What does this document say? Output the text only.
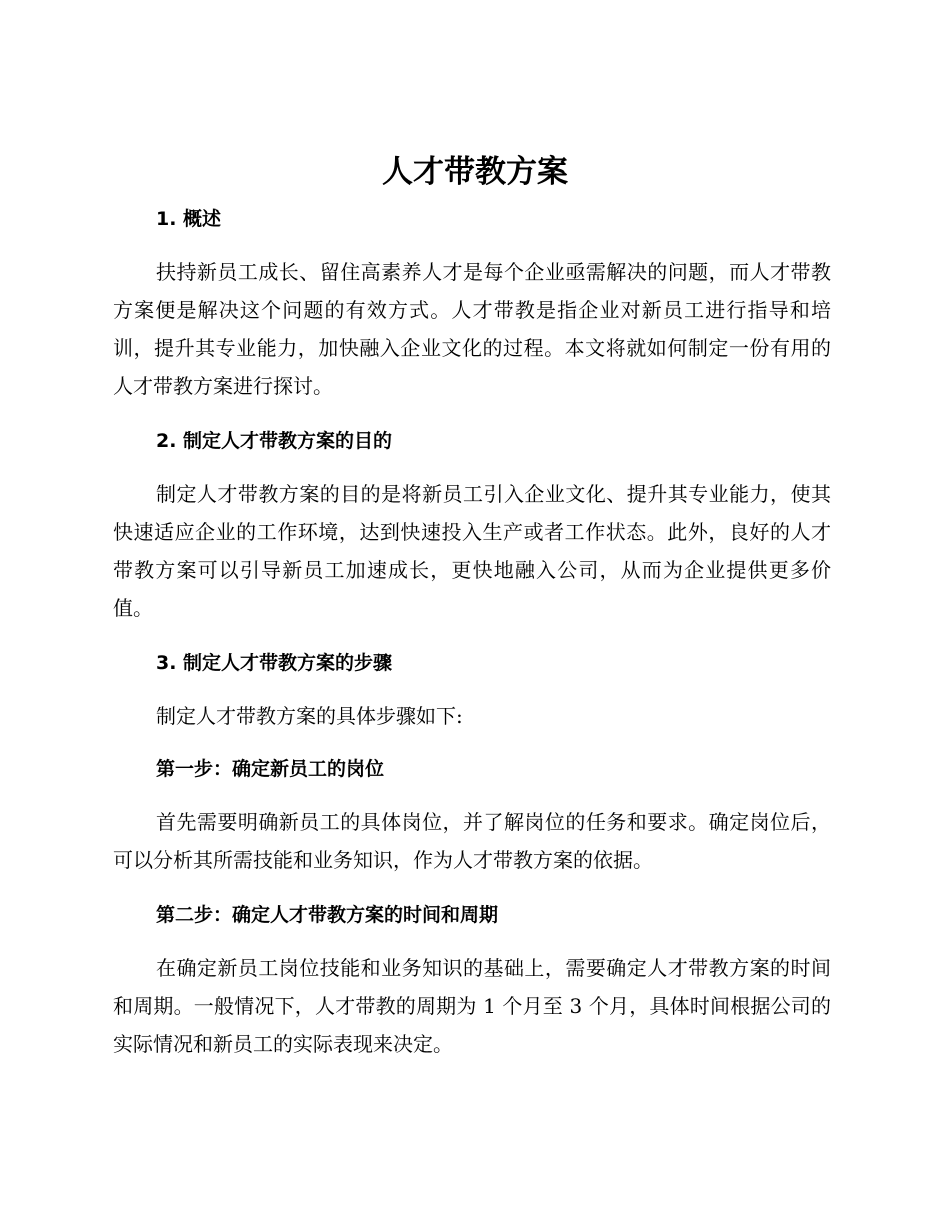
人才带教方案
1. 概述

扶持新员工成长、留住高素养人才是每个企业亟需解决的问题，而人才带教方案便是解决这个问题的有效方式。人才带教是指企业对新员工进行指导和培训，提升其专业能力，加快融入企业文化的过程。本文将就如何制定一份有用的人才带教方案进行探讨。

2. 制定人才带教方案的目的

制定人才带教方案的目的是将新员工引入企业文化、提升其专业能力，使其快速适应企业的工作环境，达到快速投入生产或者工作状态。此外，良好的人才带教方案可以引导新员工加速成长，更快地融入公司，从而为企业提供更多价值。

3. 制定人才带教方案的步骤

制定人才带教方案的具体步骤如下:

第一步：确定新员工的岗位

首先需要明确新员工的具体岗位，并了解岗位的任务和要求。确定岗位后，可以分析其所需技能和业务知识，作为人才带教方案的依据。

第二步：确定人才带教方案的时间和周期

在确定新员工岗位技能和业务知识的基础上，需要确定人才带教方案的时间和周期。一般情况下，人才带教的周期为 1 个月至 3 个月，具体时间根据公司的实际情况和新员工的实际表现来决定。
